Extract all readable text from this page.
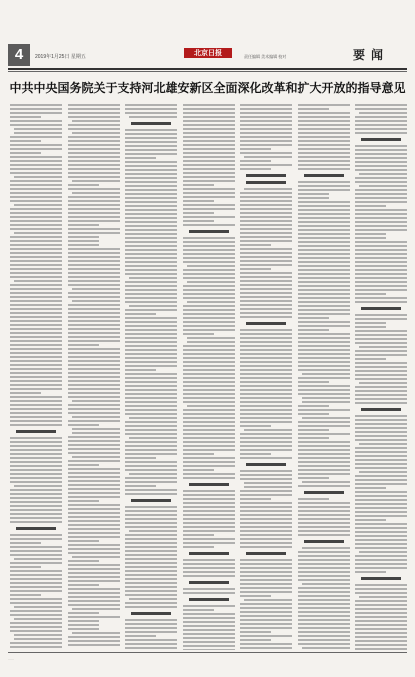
4	2019年1月25日 星期五	北京日报	责任编辑 美术编辑 校对	要闻
中共中央国务院关于支持河北雄安新区全面深化改革和扩大开放的指导意见
……
